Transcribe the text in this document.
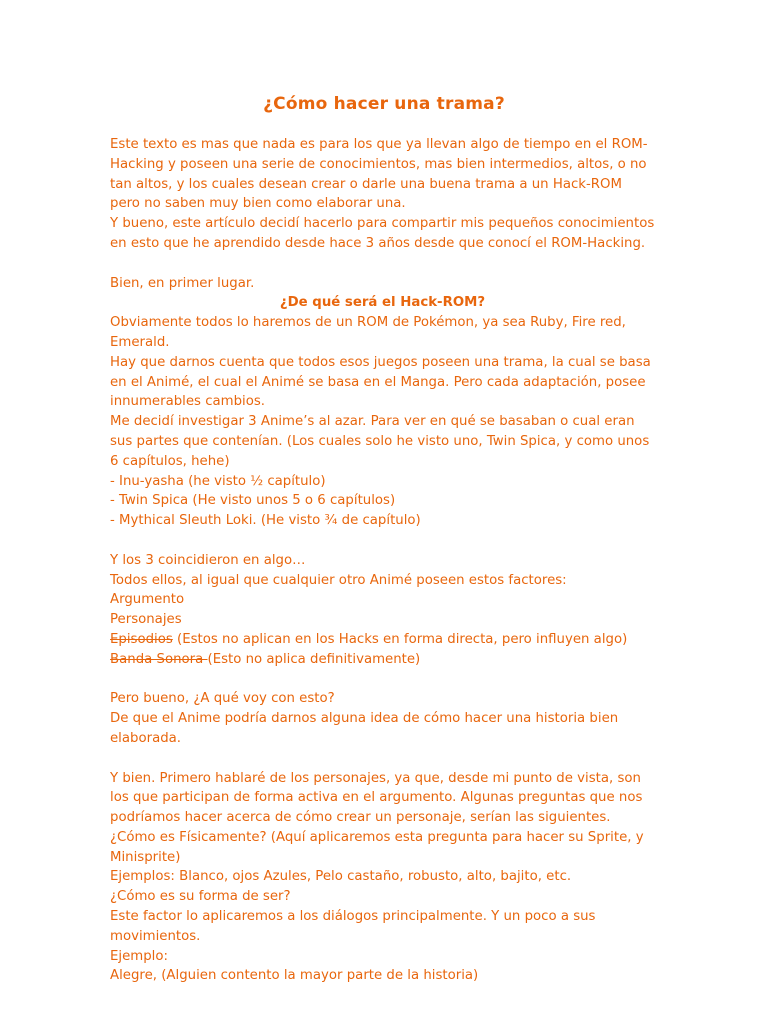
¿Cómo hacer una trama?

Este texto es mas que nada es para los que ya llevan algo de tiempo en el ROM-Hacking y poseen una serie de conocimientos, mas bien intermedios, altos, o no tan altos, y los cuales desean crear o darle una buena trama a un Hack-ROM pero no saben muy bien como elaborar una.

Y bueno, este artículo decidí hacerlo para compartir mis pequeños conocimientos en esto que he aprendido desde hace 3 años desde que conocí el ROM-Hacking.

Bien, en primer lugar.

¿De qué será el Hack-ROM?

Obviamente todos lo haremos de un ROM de Pokémon, ya sea Ruby, Fire red, Emerald.

Hay que darnos cuenta que todos esos juegos poseen una trama, la cual se basa en el Animé, el cual el Animé se basa en el Manga. Pero cada adaptación, posee innumerables cambios.

Me decidí investigar 3 Anime’s al azar. Para ver en qué se basaban o cual eran sus partes que contenían. (Los cuales solo he visto uno, Twin Spica, y como unos 6 capítulos, hehe)

- Inu-yasha (he visto ½ capítulo)

- Twin Spica (He visto unos 5 o 6 capítulos)

- Mythical Sleuth Loki. (He visto ¾ de capítulo)

Y los 3 coincidieron en algo…

Todos ellos, al igual que cualquier otro Animé poseen estos factores:

Argumento

Personajes

Episodios (Estos no aplican en los Hacks en forma directa, pero influyen algo)

Banda Sonora (Esto no aplica definitivamente)

Pero bueno, ¿A qué voy con esto?

De que el Anime podría darnos alguna idea de cómo hacer una historia bien elaborada.

Y bien. Primero hablaré de los personajes, ya que, desde mi punto de vista, son los que participan de forma activa en el argumento. Algunas preguntas que nos podríamos hacer acerca de cómo crear un personaje, serían las siguientes.

¿Cómo es Físicamente? (Aquí aplicaremos esta pregunta para hacer su Sprite, y Minisprite)

Ejemplos: Blanco, ojos Azules, Pelo castaño, robusto, alto, bajito, etc.

¿Cómo es su forma de ser?

Este factor lo aplicaremos a los diálogos principalmente. Y un poco a sus movimientos.

Ejemplo:

Alegre, (Alguien contento la mayor parte de la historia)
